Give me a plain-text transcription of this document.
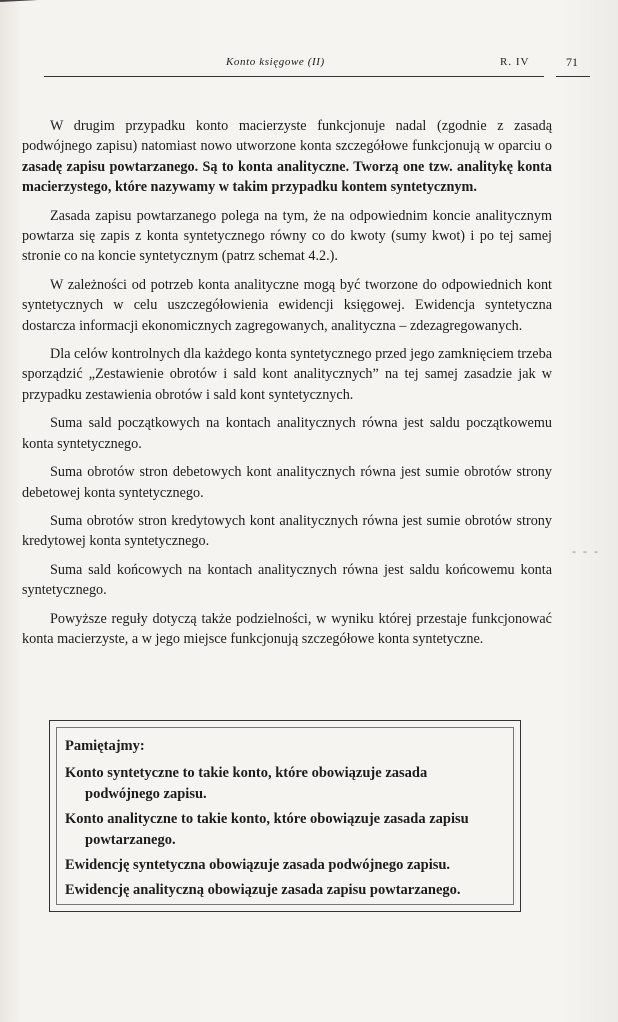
Konto księgowe (II)	R. IV	71

W drugim przypadku konto macierzyste funkcjonuje nadal (zgodnie z zasadą podwójnego zapisu) natomiast nowo utworzone konta szczegółowe funkcjonują w oparciu o zasadę zapisu powtarzanego. Są to konta analityczne. Tworzą one tzw. analitykę konta macierzystego, które nazywamy w takim przypadku kontem syntetycznym.

Zasada zapisu powtarzanego polega na tym, że na odpowiednim koncie analitycznym powtarza się zapis z konta syntetycznego równy co do kwoty (sumy kwot) i po tej samej stronie co na koncie syntetycznym (patrz schemat 4.2.).

W zależności od potrzeb konta analityczne mogą być tworzone do odpowiednich kont syntetycznych w celu uszczegółowienia ewidencji księgowej. Ewidencja syntetyczna dostarcza informacji ekonomicznych zagregowanych, analityczna – zdezagregowanych.

Dla celów kontrolnych dla każdego konta syntetycznego przed jego zamknięciem trzeba sporządzić „Zestawienie obrotów i sald kont analitycznych” na tej samej zasadzie jak w przypadku zestawienia obrotów i sald kont syntetycznych.

Suma sald początkowych na kontach analitycznych równa jest saldu początkowemu konta syntetycznego.

Suma obrotów stron debetowych kont analitycznych równa jest sumie obrotów strony debetowej konta syntetycznego.

Suma obrotów stron kredytowych kont analitycznych równa jest sumie obrotów strony kredytowej konta syntetycznego.

Suma sald końcowych na kontach analitycznych równa jest saldu końcowemu konta syntetycznego.

Powyższe reguły dotyczą także podzielności, w wyniku której przestaje funkcjonować konta macierzyste, a w jego miejsce funkcjonują szczegółowe konta syntetyczne.

- - -
Pamiętajmy:
Konto syntetyczne to takie konto, które obowiązuje zasada podwójnego zapisu.
Konto analityczne to takie konto, które obowiązuje zasada zapisu powtarzanego.
Ewidencję syntetyczna obowiązuje zasada podwójnego zapisu.
Ewidencję analityczną obowiązuje zasada zapisu powtarzanego.
